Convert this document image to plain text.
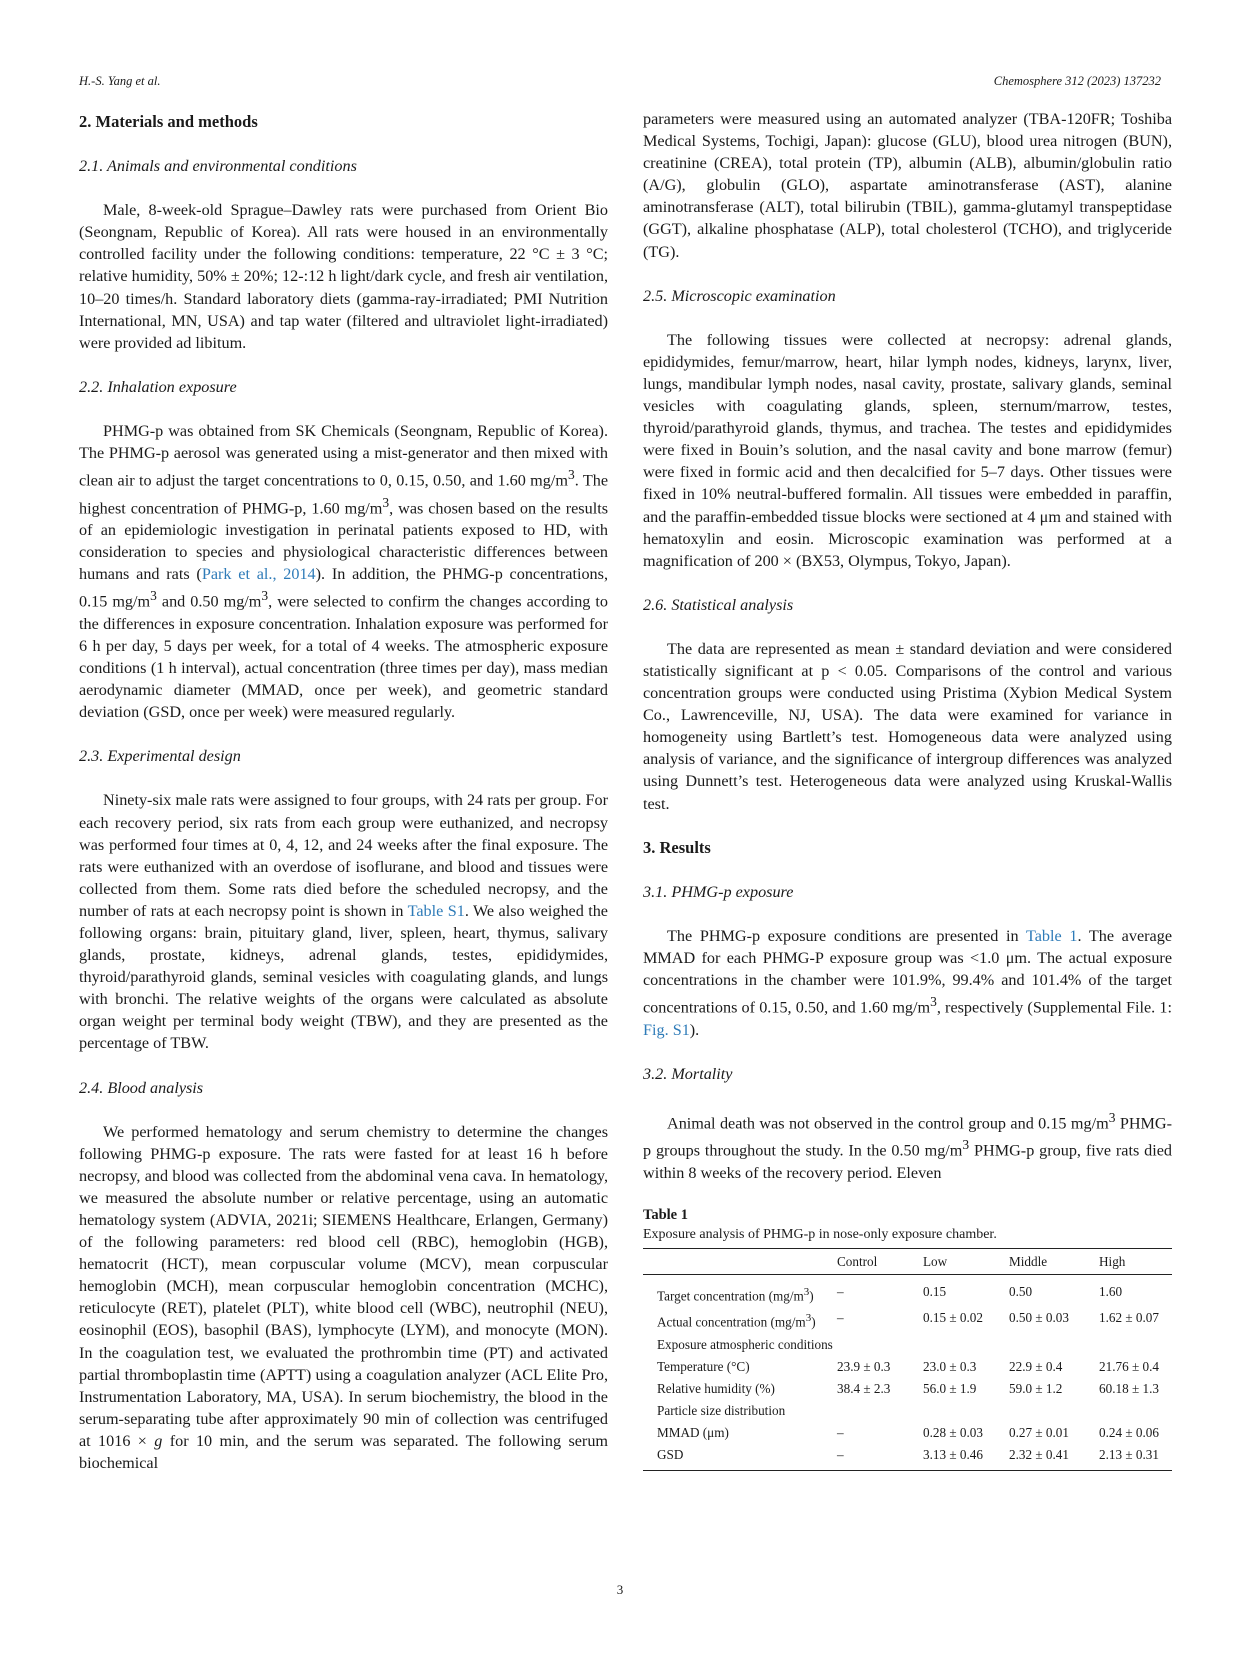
H.-S. Yang et al.	Chemosphere 312 (2023) 137232
2. Materials and methods
2.1. Animals and environmental conditions
Male, 8-week-old Sprague–Dawley rats were purchased from Orient Bio (Seongnam, Republic of Korea). All rats were housed in an environmentally controlled facility under the following conditions: temperature, 22 °C ± 3 °C; relative humidity, 50% ± 20%; 12-:12 h light/dark cycle, and fresh air ventilation, 10–20 times/h. Standard laboratory diets (gamma-ray-irradiated; PMI Nutrition International, MN, USA) and tap water (filtered and ultraviolet light-irradiated) were provided ad libitum.
2.2. Inhalation exposure
PHMG-p was obtained from SK Chemicals (Seongnam, Republic of Korea). The PHMG-p aerosol was generated using a mist-generator and then mixed with clean air to adjust the target concentrations to 0, 0.15, 0.50, and 1.60 $mg/m^3$. The highest concentration of PHMG-p, 1.60 $mg/m^3$, was chosen based on the results of an epidemiologic investigation in perinatal patients exposed to HD, with consideration to species and physiological characteristic differences between humans and rats (Park et al., 2014). In addition, the PHMG-p concentrations, 0.15 $mg/m^3$ and 0.50 $mg/m^3$, were selected to confirm the changes according to the differences in exposure concentration. Inhalation exposure was performed for 6 h per day, 5 days per week, for a total of 4 weeks. The atmospheric exposure conditions (1 h interval), actual concentration (three times per day), mass median aerodynamic diameter (MMAD, once per week), and geometric standard deviation (GSD, once per week) were measured regularly.
2.3. Experimental design
Ninety-six male rats were assigned to four groups, with 24 rats per group. For each recovery period, six rats from each group were euthanized, and necropsy was performed four times at 0, 4, 12, and 24 weeks after the final exposure. The rats were euthanized with an overdose of isoflurane, and blood and tissues were collected from them. Some rats died before the scheduled necropsy, and the number of rats at each necropsy point is shown in Table S1. We also weighed the following organs: brain, pituitary gland, liver, spleen, heart, thymus, salivary glands, prostate, kidneys, adrenal glands, testes, epididymides, thyroid/parathyroid glands, seminal vesicles with coagulating glands, and lungs with bronchi. The relative weights of the organs were calculated as absolute organ weight per terminal body weight (TBW), and they are presented as the percentage of TBW.
2.4. Blood analysis
We performed hematology and serum chemistry to determine the changes following PHMG-p exposure. The rats were fasted for at least 16 h before necropsy, and blood was collected from the abdominal vena cava. In hematology, we measured the absolute number or relative percentage, using an automatic hematology system (ADVIA, 2021i; SIEMENS Healthcare, Erlangen, Germany) of the following parameters: red blood cell (RBC), hemoglobin (HGB), hematocrit (HCT), mean corpuscular volume (MCV), mean corpuscular hemoglobin (MCH), mean corpuscular hemoglobin concentration (MCHC), reticulocyte (RET), platelet (PLT), white blood cell (WBC), neutrophil (NEU), eosinophil (EOS), basophil (BAS), lymphocyte (LYM), and monocyte (MON). In the coagulation test, we evaluated the prothrombin time (PT) and activated partial thromboplastin time (APTT) using a coagulation analyzer (ACL Elite Pro, Instrumentation Laboratory, MA, USA). In serum biochemistry, the blood in the serum-separating tube after approximately 90 min of collection was centrifuged at 1016 × g for 10 min, and the serum was separated. The following serum biochemical
parameters were measured using an automated analyzer (TBA-120FR; Toshiba Medical Systems, Tochigi, Japan): glucose (GLU), blood urea nitrogen (BUN), creatinine (CREA), total protein (TP), albumin (ALB), albumin/globulin ratio (A/G), globulin (GLO), aspartate aminotransferase (AST), alanine aminotransferase (ALT), total bilirubin (TBIL), gamma-glutamyl transpeptidase (GGT), alkaline phosphatase (ALP), total cholesterol (TCHO), and triglyceride (TG).
2.5. Microscopic examination
The following tissues were collected at necropsy: adrenal glands, epididymides, femur/marrow, heart, hilar lymph nodes, kidneys, larynx, liver, lungs, mandibular lymph nodes, nasal cavity, prostate, salivary glands, seminal vesicles with coagulating glands, spleen, sternum/marrow, testes, thyroid/parathyroid glands, thymus, and trachea. The testes and epididymides were fixed in Bouin’s solution, and the nasal cavity and bone marrow (femur) were fixed in formic acid and then decalcified for 5–7 days. Other tissues were fixed in 10% neutral-buffered formalin. All tissues were embedded in paraffin, and the paraffin-embedded tissue blocks were sectioned at 4 μm and stained with hematoxylin and eosin. Microscopic examination was performed at a magnification of 200 × (BX53, Olympus, Tokyo, Japan).
2.6. Statistical analysis
The data are represented as mean ± standard deviation and were considered statistically significant at p < 0.05. Comparisons of the control and various concentration groups were conducted using Pristima (Xybion Medical System Co., Lawrenceville, NJ, USA). The data were examined for variance in homogeneity using Bartlett’s test. Homogeneous data were analyzed using analysis of variance, and the significance of intergroup differences was analyzed using Dunnett’s test. Heterogeneous data were analyzed using Kruskal-Wallis test.
3. Results
3.1. PHMG-p exposure
The PHMG-p exposure conditions are presented in Table 1. The average MMAD for each PHMG-P exposure group was <1.0 μm. The actual exposure concentrations in the chamber were 101.9%, 99.4% and 101.4% of the target concentrations of 0.15, 0.50, and 1.60 $mg/m^3$, respectively (Supplemental File. 1: Fig. S1).
3.2. Mortality
Animal death was not observed in the control group and 0.15 $mg/m^3$ PHMG-p groups throughout the study. In the 0.50 $mg/m^3$ PHMG-p group, five rats died within 8 weeks of the recovery period. Eleven
Table 1
Exposure analysis of PHMG-p in nose-only exposure chamber.
	Control	Low	Middle	High
Target concentration $(mg/m^3)$	–	0.15	0.50	1.60
Actual concentration $(mg/m^3)$	–	0.15 ± 0.02	0.50 ± 0.03	1.62 ± 0.07
Exposure atmospheric conditions				
Temperature (°C)	23.9 ± 0.3	23.0 ± 0.3	22.9 ± 0.4	21.76 ± 0.4
Relative humidity (%)	38.4 ± 2.3	56.0 ± 1.9	59.0 ± 1.2	60.18 ± 1.3
Particle size distribution				
MMAD (μm)	–	0.28 ± 0.03	0.27 ± 0.01	0.24 ± 0.06
GSD	–	3.13 ± 0.46	2.32 ± 0.41	2.13 ± 0.31
3
